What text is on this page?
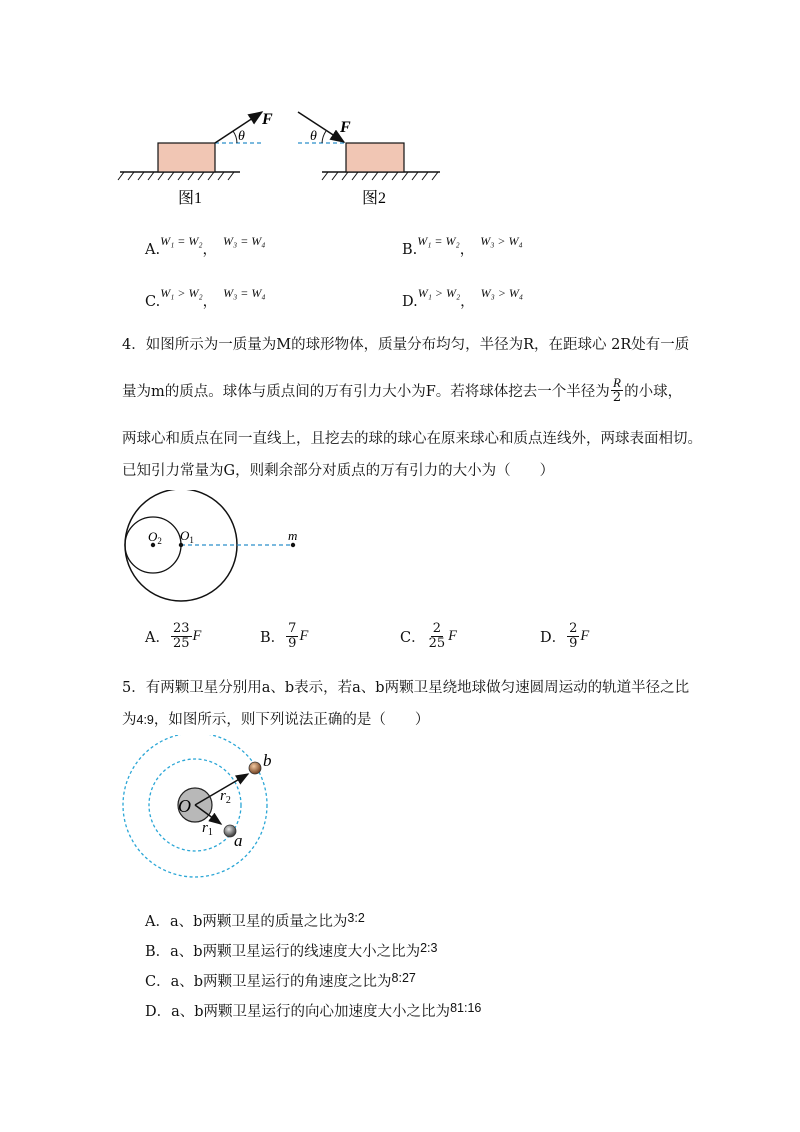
θ
F
图1
θ
F
图2
A.$^{W_1 = W_2}$，$^{W_3 = W_4}$
B.$^{W_1 = W_2}$，$^{W_3 > W_4}$
C.$^{W_1 > W_2}$，$^{W_3 = W_4}$
D.$^{W_1 > W_2}$，$^{W_3 > W_4}$
4．如图所示为一质量为M的球形物体，质量分布均匀，半径为R，在距球心 2R处有一质
量为m的质点。球体与质点间的万有引力大小为F。若将球体挖去一个半径为 $\frac{R}{2}$ 的小球，
两球心和质点在同一直线上，且挖去的球的球心在原来球心和质点连线外，两球表面相切。
已知引力常量为G，则剩余部分对质点的万有引力的大小为（　　）
$O_2$ $O_1$	m
A． $\frac{23}{25}$ F	B． $\frac{7}{9}$ F	C． $\frac{2}{25}$ F	D． $\frac{2}{9}$ F
5．有两颗卫星分别用a、b表示，若a、b两颗卫星绕地球做匀速圆周运动的轨道半径之比
为4:9，如图所示，则下列说法正确的是（　　）
O $r_2$
$r_1$
b
a
A．a、b两颗卫星的质量之比为3:2
B．a、b两颗卫星运行的线速度大小之比为2:3
C．a、b两颗卫星运行的角速度之比为8:27
D．a、b两颗卫星运行的向心加速度大小之比为81:16
